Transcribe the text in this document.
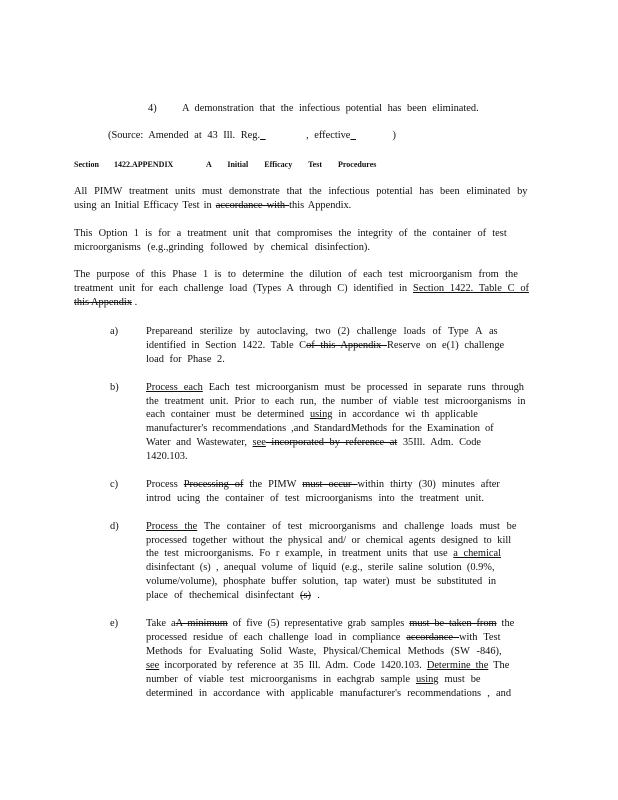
4) A demonstration that the infectious potential has been eliminated.
(Source: Amended at 43 Ill. Reg.	, effective	)
Section 1422.APPENDIX	A Initial Efficacy Test Procedures
All PIMW treatment units must demonstrate that the infectious potential has been eliminated by
using an Initial Efficacy Test in accordance with this Appendix.
This Option 1 is for a treatment unit that compromises the integrity of the container of test
microorganisms (e.g.,grinding followed by chemical disinfection).
The purpose of this Phase 1 is to determine the dilution of each test microorganism from the
treatment unit for each challenge load (Types A through C) identified in Section 1422. Table C of
this Appendix .
a)	Prepareand sterilize by autoclaving, two (2) challenge loads of Type A as
identified in Section 1422. Table Cof this Appendix Reserve on e(1) challenge
load for Phase 2.
b)	Process each Each test microorganism must be processed in separate runs through
the treatment unit. Prior to each run, the number of viable test microorganisms in
each container must be determined using in accordance wi th applicable
manufacturer's recommendations ,and StandardMethods for the Examination of
Water and Wastewater, see incorporated by reference at 35Ill. Adm. Code
1420.103.
c)	Process Processing of the PIMW must occur within thirty (30) minutes after
introd ucing the container of test microorganisms into the treatment unit.
d)	Process the The container of test microorganisms and challenge loads must be
processed together without the physical and/ or chemical agents designed to kill
the test microorganisms. Fo r example, in treatment units that use a chemical
disinfectant (s) , anequal volume of liquid (e.g., sterile saline solution (0.9%,
volume/volume), phosphate buffer solution, tap water) must be substituted in
place of thechemical disinfectant (s) .
e)	Take aA minimum of five (5) representative grab samples must be taken from the
processed residue of each challenge load in compliance accordance with Test
Methods for Evaluating Solid Waste, Physical/Chemical Methods (SW -846),
see incorporated by reference at 35 Ill. Adm. Code 1420.103. Determine the The
number of viable test microorganisms in eachgrab sample using must be
determined in accordance with applicable manufacturer's recommendations , and
